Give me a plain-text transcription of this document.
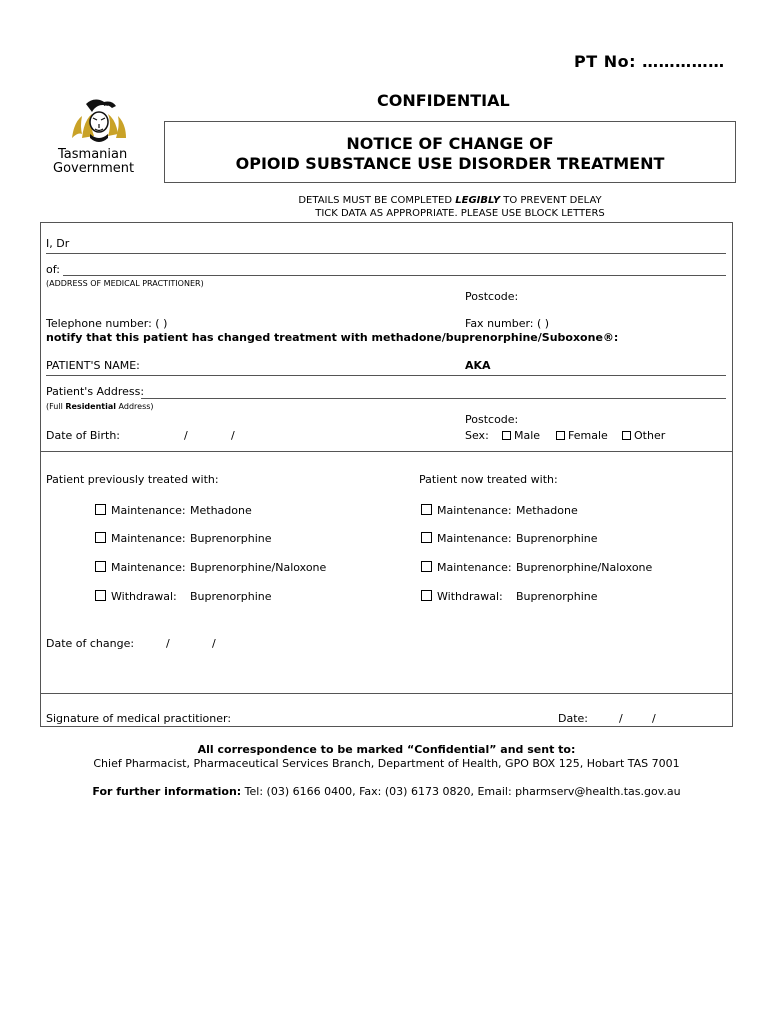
PT No: ……………
CONFIDENTIAL
Tasmanian
Government
NOTICE OF CHANGE OF
OPIOID SUBSTANCE USE DISORDER TREATMENT
DETAILS MUST BE COMPLETED LEGIBLY TO PREVENT DELAY
TICK DATA AS APPROPRIATE. PLEASE USE BLOCK LETTERS
I, Dr
of:
(ADDRESS OF MEDICAL PRACTITIONER)
Postcode:
Telephone number: ( )	Fax number: ( )
notify that this patient has changed treatment with methadone/buprenorphine/Suboxone®:
PATIENT'S NAME:	AKA
Patient's Address:
(Full Residential Address)
Postcode:
Date of Birth:	/	/	Sex:	Male	Female	Other
Patient previously treated with:	Patient now treated with:
Maintenance: Methadone	Maintenance: Methadone
Maintenance: Buprenorphine	Maintenance: Buprenorphine
Maintenance: Buprenorphine/Naloxone	Maintenance: Buprenorphine/Naloxone
Withdrawal: Buprenorphine	Withdrawal: Buprenorphine
Date of change:	/	/
Signature of medical practitioner:	Date:	/	/
All correspondence to be marked “Confidential” and sent to:
Chief Pharmacist, Pharmaceutical Services Branch, Department of Health, GPO BOX 125, Hobart TAS 7001
For further information: Tel: (03) 6166 0400, Fax: (03) 6173 0820, Email: pharmserv@health.tas.gov.au
